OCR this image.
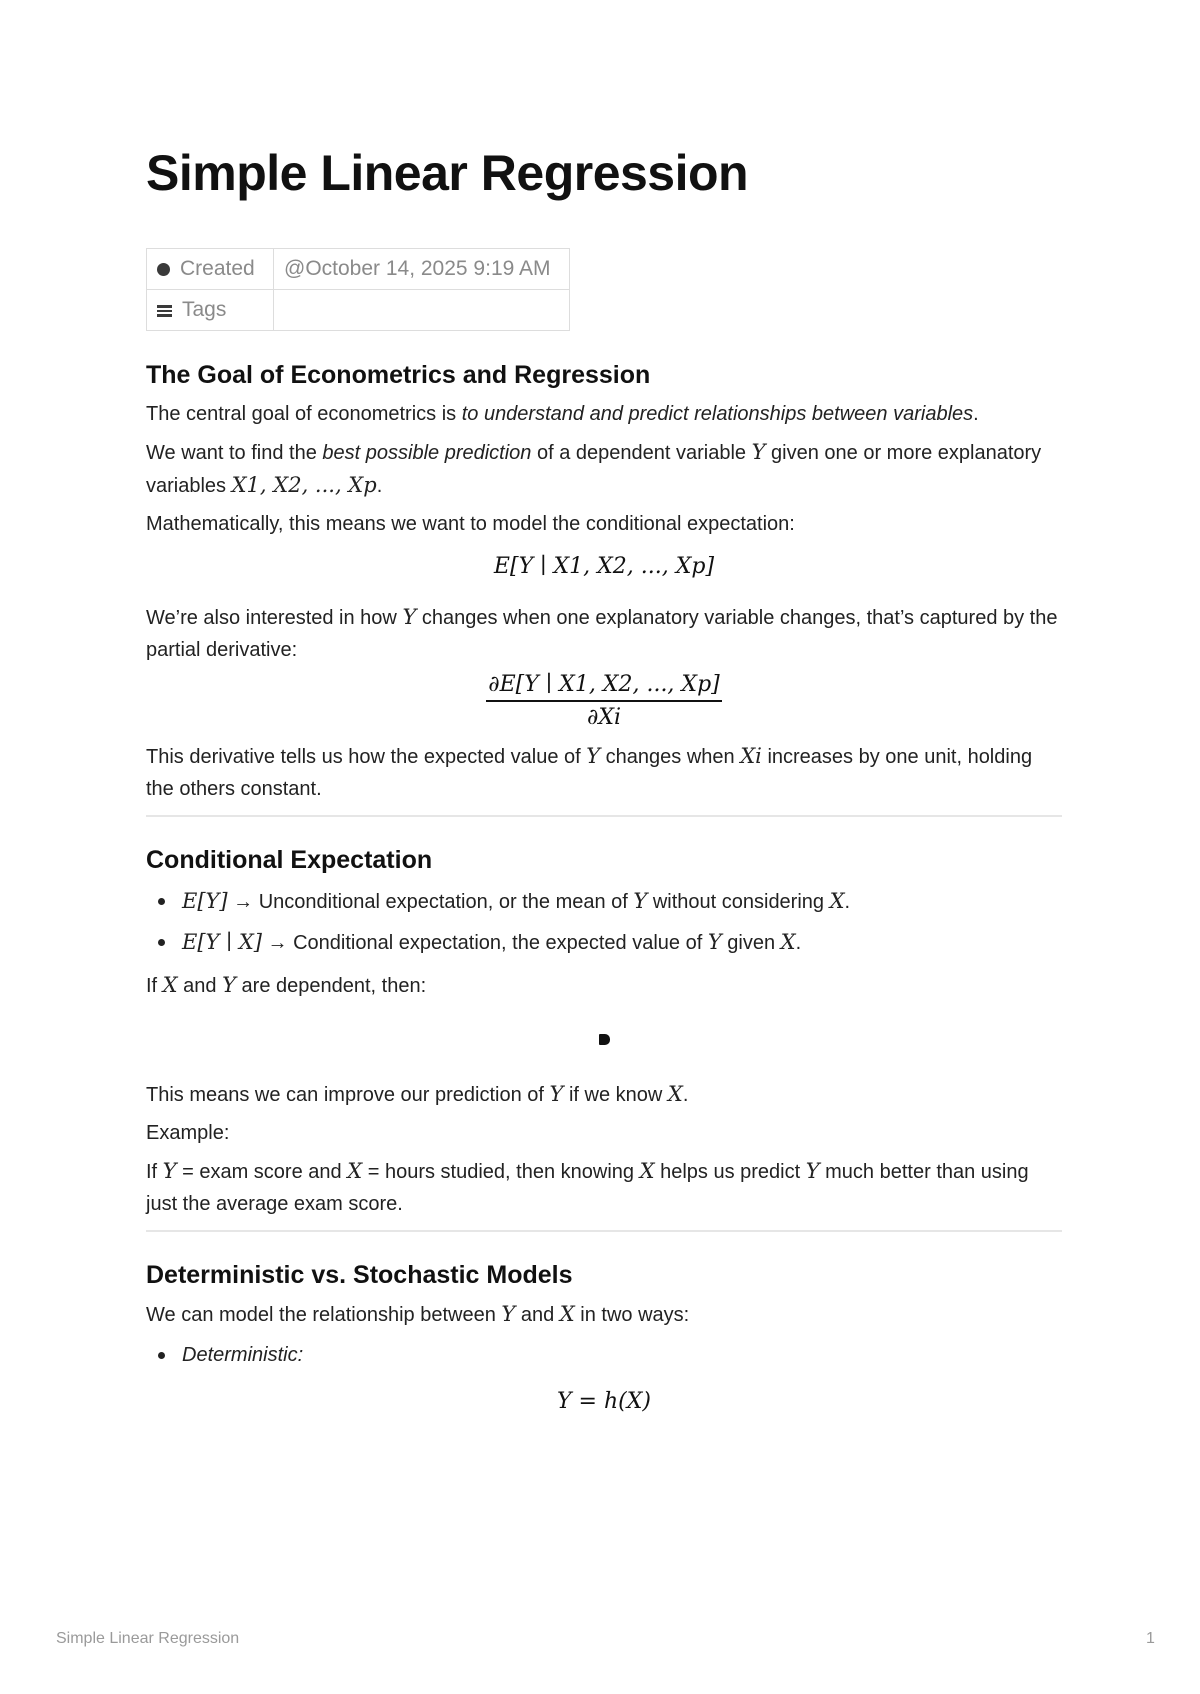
Simple Linear Regression
Created	@October 14, 2025 9:19 AM
Tags	
The Goal of Econometrics and Regression

The central goal of econometrics is to understand and predict relationships between variables.

We want to find the best possible prediction of a dependent variable Y given one or more explanatory variables X1, X2, ..., Xp.

Mathematically, this means we want to model the conditional expectation:

E[Y ∣ X1, X2, ..., Xp]

We’re also interested in how Y changes when one explanatory variable changes, that’s captured by the partial derivative:

$\frac{\partial E[Y ∣ X1, X2, ..., Xp]}{\partial Xi}$

This derivative tells us how the expected value of Y changes when Xi increases by one unit, holding the others constant.

Conditional Expectation
E[Y] → Unconditional expectation, or the mean of Y without considering X.
E[Y ∣ X] → Conditional expectation, the expected value of Y given X.

If X and Y are dependent, then:

This means we can improve our prediction of Y if we know X.

Example:

If Y = exam score and X = hours studied, then knowing X helps us predict Y much better than using just the average exam score.

Deterministic vs. Stochastic Models

We can model the relationship between Y and X in two ways:

Deterministic:
Y = h(X)
Simple Linear Regression	1
